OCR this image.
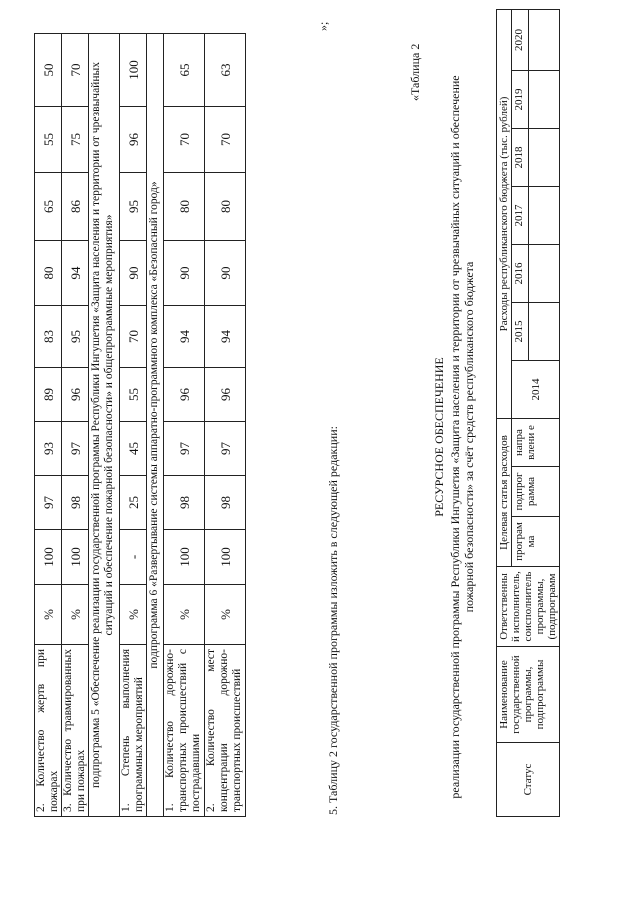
2. Количество жертв при пожарах	%	100	97	93	89	83	80	65	55	50
3. Количество травмированных при пожарах	%	100	98	97	96	95	94	86	75	70
подпрограмма 5 «Обеспечение реализации государственной программы Республики Ингушетия «Защита населения и территории от чрезвычайных ситуаций и обеспечение пожарной безопасности» и общепрограммные мероприятия»										
1. Степень выполнения программных мероприятий	%	-	25	45	55	70	90	95	96	100
подпрограмма 6 «Развертывание системы аппаратно-программного комплекса «Безопасный город»										
1. Количество дорожно-транспортных происшествий с пострадавшими	%	100	98	97	96	94	90	80	70	65
2. Количество мест концентрации дорожно-транспортных происшествий	%	100	98	97	96	94	90	80	70	63
»;
5. Таблицу 2 государственной программы изложить в следующей редакции:
«Таблица 2
РЕСУРСНОЕ ОБЕСПЕЧЕНИЕ реализации государственной программы Республики Ингушетия «Защита населения и территории от чрезвычайных ситуаций и обеспечение пожарной безопасности» за счёт средств республиканского бюджета
Статус	Наименование государственной программы, подпрограммы	Ответственны й исполнитель, соисполнитель программы, (подпрограмм	Целевая статья расходов			Расходы республиканского бюджета (тыс. рублей)						
			програм ма	подпрог рамма	напра влени е	2014	2015	2016	2017	2018	2019	2020
